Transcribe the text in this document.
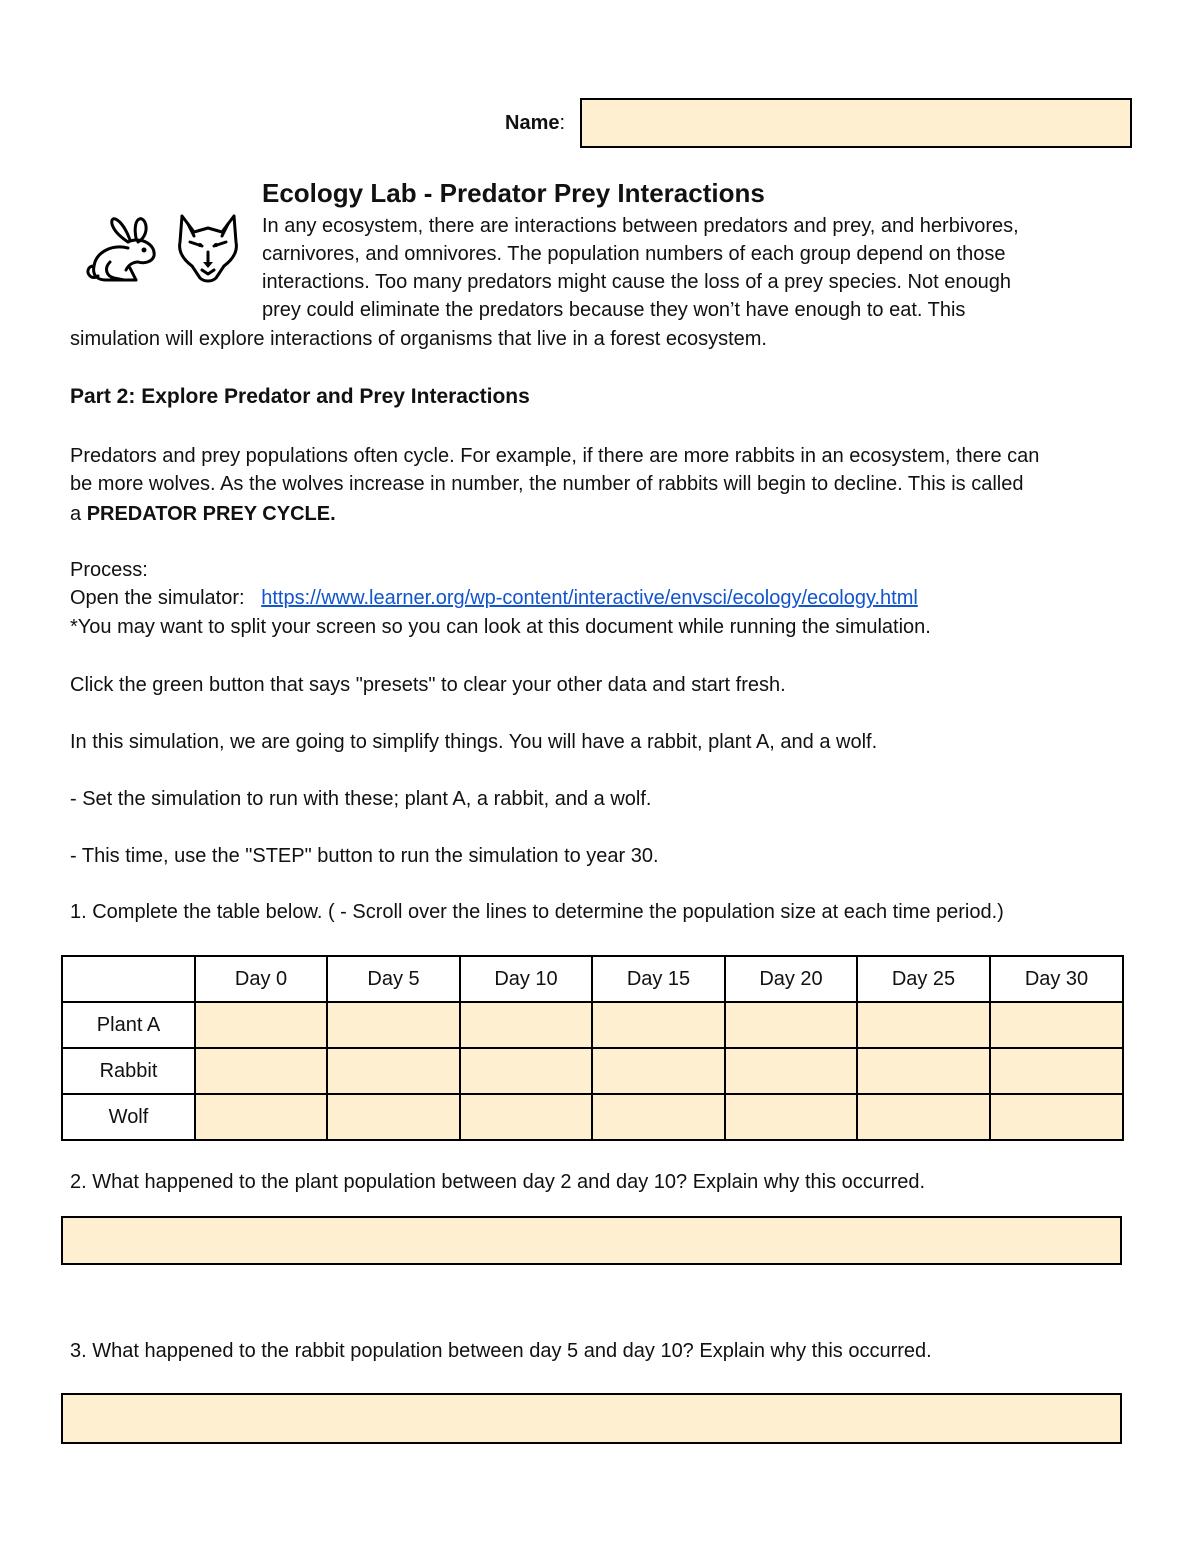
Name:
Ecology Lab - Predator Prey Interactions
In any ecosystem, there are interactions between predators and prey, and herbivores,
carnivores, and omnivores. The population numbers of each group depend on those
interactions. Too many predators might cause the loss of a prey species. Not enough
prey could eliminate the predators because they won’t have enough to eat. This
simulation will explore interactions of organisms that live in a forest ecosystem.
Part 2: Explore Predator and Prey Interactions
Predators and prey populations often cycle. For example, if there are more rabbits in an ecosystem, there can
be more wolves. As the wolves increase in number, the number of rabbits will begin to decline. This is called
a PREDATOR PREY CYCLE.
Process:
Open the simulator: https://www.learner.org/wp-content/interactive/envsci/ecology/ecology.html
*You may want to split your screen so you can look at this document while running the simulation.
Click the green button that says "presets" to clear your other data and start fresh.
In this simulation, we are going to simplify things. You will have a rabbit, plant A, and a wolf.
- Set the simulation to run with these; plant A, a rabbit, and a wolf.
- This time, use the "STEP" button to run the simulation to year 30.
1. Complete the table below. ( - Scroll over the lines to determine the population size at each time period.)
	Day 0	Day 5	Day 10	Day 15	Day 20	Day 25	Day 30
Plant A							
Rabbit							
Wolf							
2. What happened to the plant population between day 2 and day 10? Explain why this occurred.
3. What happened to the rabbit population between day 5 and day 10? Explain why this occurred.
